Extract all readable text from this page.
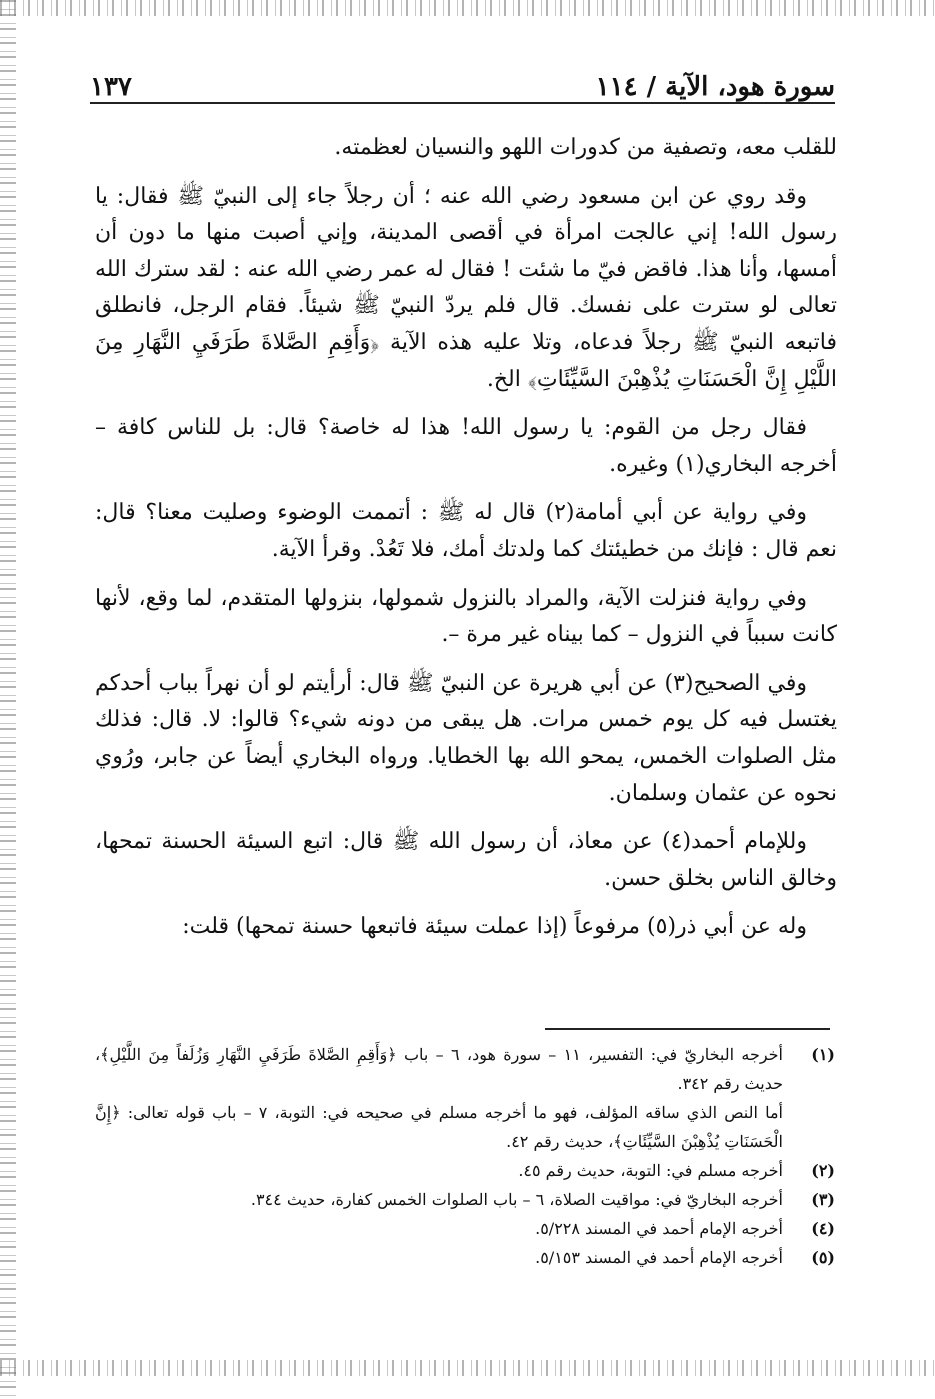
سورة هود، الآية / ١١٤
١٣٧

للقلب معه، وتصفية من كدورات اللهو والنسيان لعظمته.

وقد روي عن ابن مسعود رضي الله عنه ؛ أن رجلاً جاء إلى النبيّ ﷺ فقال: يا رسول الله! إني عالجت امرأة في أقصى المدينة، وإني أصبت منها ما دون أن أمسها، وأنا هذا. فاقض فيّ ما شئت ! فقال له عمر رضي الله عنه : لقد سترك الله تعالى لو سترت على نفسك. قال فلم يردّ النبيّ ﷺ شيئاً. فقام الرجل، فانطلق فاتبعه النبيّ ﷺ رجلاً فدعاه، وتلا عليه هذه الآية ﴿وَأَقِمِ الصَّلاةَ طَرَفَيِ النَّهَارِ مِنَ اللَّيْلِ إِنَّ الْحَسَنَاتِ يُذْهِبْنَ السَّيِّئَاتِ﴾ الخ.

فقال رجل من القوم: يا رسول الله! هذا له خاصة؟ قال: بل للناس كافة – أخرجه البخاري(١) وغيره.

وفي رواية عن أبي أمامة(٢) قال له ﷺ : أتممت الوضوء وصليت معنا؟ قال: نعم قال : فإنك من خطيئتك كما ولدتك أمك، فلا تَعُدْ. وقرأ الآية.

وفي رواية فنزلت الآية، والمراد بالنزول شمولها، بنزولها المتقدم، لما وقع، لأنها كانت سبباً في النزول – كما بيناه غير مرة –.

وفي الصحيح(٣) عن أبي هريرة عن النبيّ ﷺ قال: أرأيتم لو أن نهراً بباب أحدكم يغتسل فيه كل يوم خمس مرات. هل يبقى من دونه شيء؟ قالوا: لا. قال: فذلك مثل الصلوات الخمس، يمحو الله بها الخطايا. ورواه البخاري أيضاً عن جابر، ورُوي نحوه عن عثمان وسلمان.

وللإمام أحمد(٤) عن معاذ، أن رسول الله ﷺ قال: اتبع السيئة الحسنة تمحها، وخالق الناس بخلق حسن.

وله عن أبي ذر(٥) مرفوعاً (إذا عملت سيئة فاتبعها حسنة تمحها) قلت:

(١)
أخرجه البخاريّ في: التفسير، ١١ – سورة هود، ٦ – باب ﴿وَأَقِمِ الصَّلاةَ طَرَفَيِ النَّهَارِ وَزُلَفاً مِنَ اللَّيْلِ﴾، حديث رقم ٣٤٢.
أما النص الذي ساقه المؤلف، فهو ما أخرجه مسلم في صحيحه في: التوبة، ٧ – باب قوله تعالى: ﴿إِنَّ الْحَسَنَاتِ يُذْهِبْنَ السَّيِّئَاتِ﴾، حديث رقم ٤٢.
(٢)
أخرجه مسلم في: التوبة، حديث رقم ٤٥.
(٣)
أخرجه البخاريّ في: مواقيت الصلاة، ٦ – باب الصلوات الخمس كفارة، حديث ٣٤٤.
(٤)
أخرجه الإمام أحمد في المسند ٥/٢٢٨.
(٥)
أخرجه الإمام أحمد في المسند ٥/١٥٣.
